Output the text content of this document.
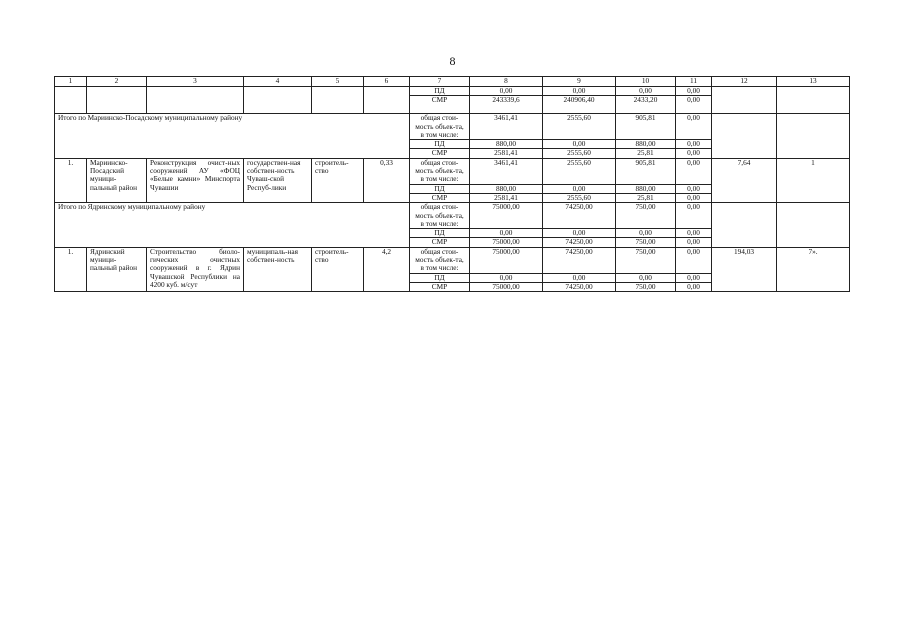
8
1	2	3	4	5	6	7	8	9	10	11	12	13
						ПД	0,00	0,00	0,00	0,00		
						СМР	243339,6	240906,40	2433,20	0,00		
Итого по Мариинско-Посадскому муниципальному району						общая стои-мость объек-та, в том числе:	3461,41	2555,60	905,81	0,00		
						ПД	880,00	0,00	880,00	0,00		
						СМР	2581,41	2555,60	25,81	0,00		
1.	Мариинско-Посадский муници-пальный район	Реконструкция очист-ных сооружений АУ «ФОЦ «Белые камни» Минспорта Чувашии	государствен-ная собствен-ность Чуваш-ской Респуб-лики	строитель-ство	0,33	общая стои-мость объек-та, в том числе:	3461,41	2555,60	905,81	0,00	7,64	1
						ПД	880,00	0,00	880,00	0,00		
						СМР	2581,41	2555,60	25,81	0,00		
Итого по Ядринскому муниципальному району						общая стон-мость объек-та, в том числе:	75000,00	74250,00	750,00	0,00		
						ПД	0,00	0,00	0,00	0,00		
						СМР	75000,00	74250,00	750,00	0,00		
1.	Ядринский муници-пальный район	Строительство биоло-гических очистных сооружений в г. Ядрин Чувашской Республики на 4200 куб. м/сут	муниципаль-ная собствен-ность	строитель-ство	4,2	общая стои-мость объек-та, в том числе:	75000,00	74250,00	750,00	0,00	194,03	7».
						ПД	0,00	0,00	0,00	0,00		
						СМР	75000,00	74250,00	750,00	0,00		
